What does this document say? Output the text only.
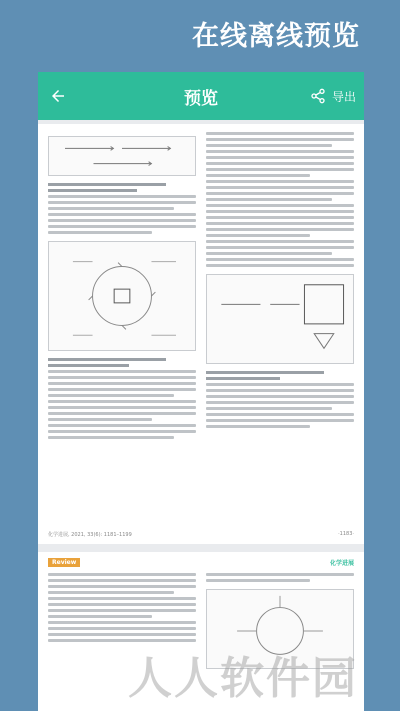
在线离线预览
预览	导出
化学进展, 2021, 33(6): 1181–1199	·1183·
Review	化学进展
人人软件园
